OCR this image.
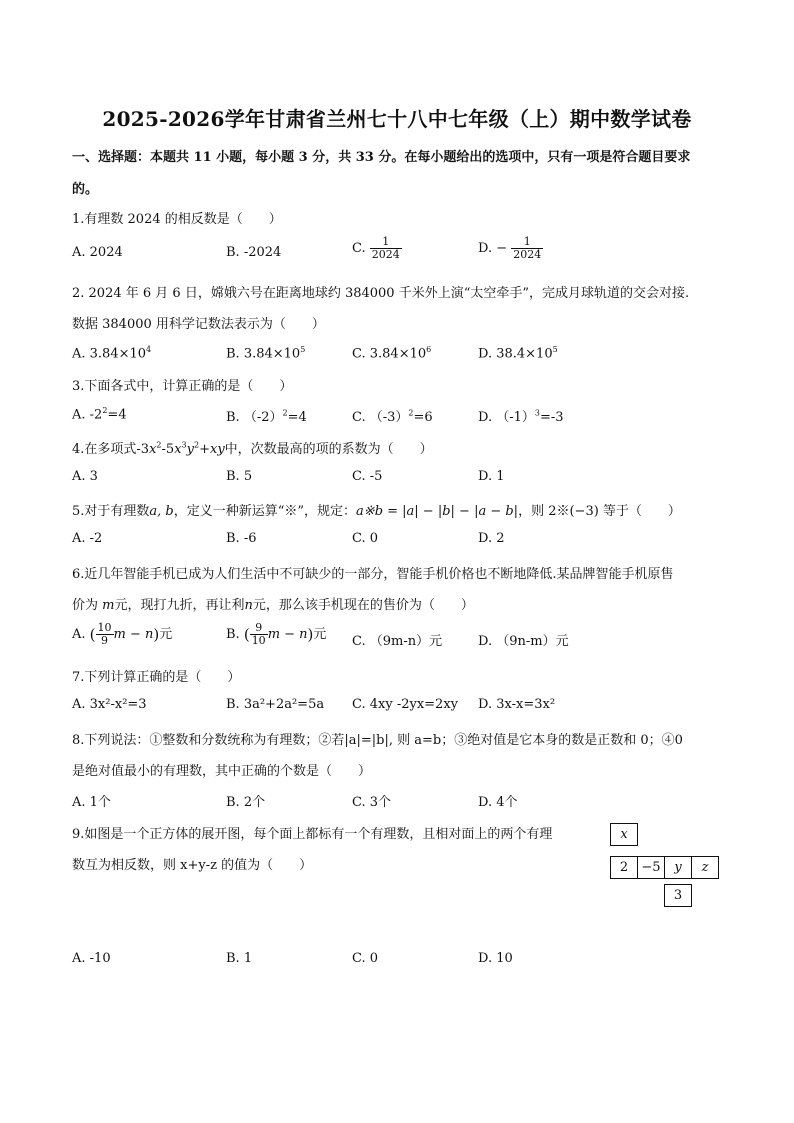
2025-2026学年甘肃省兰州七十八中七年级（上）期中数学试卷
一、选择题：本题共 11 小题，每小题 3 分，共 33 分。在每小题给出的选项中，只有一项是符合题目要求
的。
1.有理数 2024 的相反数是（　　）
A. 2024	B. -2024	C. $\frac{1}{2024}$	D. − $\frac{1}{2024}$
2. 2024 年 6 月 6 日，嫦娥六号在距离地球约 384000 千米外上演“太空牵手”，完成月球轨道的交会对接.
数据 384000 用科学记数法表示为（　　）
A. $3.84\times 10^4$	B. $3.84\times 10^5$	C. $3.84\times 10^6$	D. $38.4\times 10^5$
3.下面各式中，计算正确的是（　　）
A. $-2^2=4$	B. $(-2)^2=4$	C. $(-3)^2=6$	D. $(-1)^3=-3$
4.在多项式$-3x^2-5x^3y^2+xy$中，次数最高的项的系数为（　　）
A. 3	B. 5	C. -5	D. 1
5.对于有理数a, b，定义一种新运算“※”，规定：a※b = |a| − |b| − |a − b|，则 2※(−3) 等于（　　）
A. -2	B. -6	C. 0	D. 2
6.近几年智能手机已成为人们生活中不可缺少的一部分，智能手机价格也不断地降低.某品牌智能手机原售
价为 m元，现打九折，再让利n元，那么该手机现在的售价为（　　）
A. ( $\frac{10}{9}$ m − n)元	B. ( $\frac{9}{10}$ m − n)元 C. （9m-n）元	D. （9n-m）元
7.下列计算正确的是（　　）
A. 3x²-x²=3	B. 3a²+2a²=5a C. 4xy -2yx=2xy D. 3x-x=3x²
8.下列说法：①整数和分数统称为有理数；②若|a|=|b|, 则 a=b；③绝对值是它本身的数是正数和 0；④0
是绝对值最小的有理数，其中正确的个数是（　　）
A. 1个	B. 2个	C. 3个	D. 4个
9.如图是一个正方体的展开图，每个面上都标有一个有理数，且相对面上的两个有理
数互为相反数，则 x+y-z 的值为（　　）
x
2	−5	y	z
3
A. -10	B. 1	C. 0	D. 10
